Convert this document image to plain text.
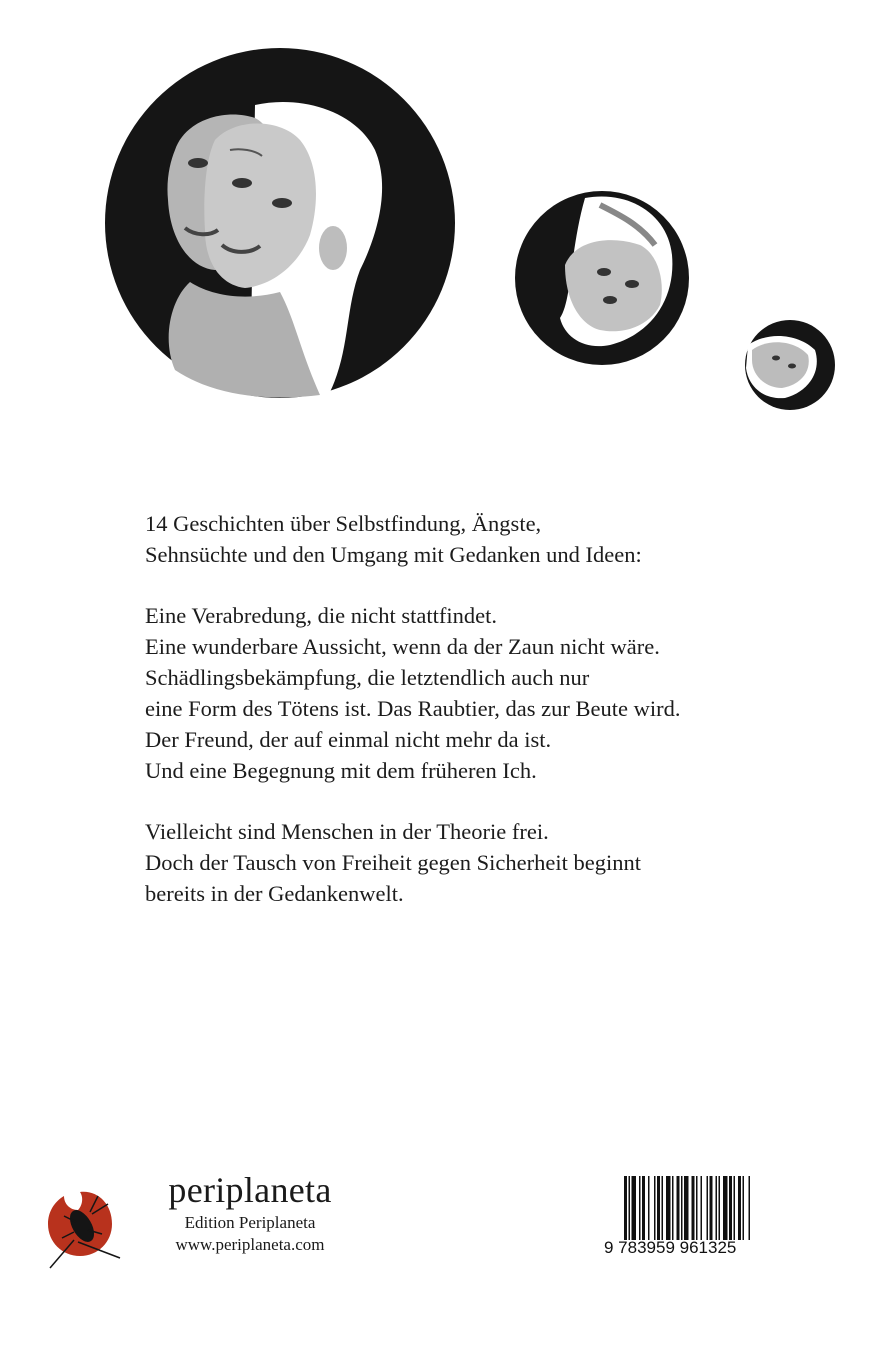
14 Geschichten über Selbstfindung, Ängste,
Sehnsüchte und den Umgang mit Gedanken und Ideen:

Eine Verabredung, die nicht stattfindet.
Eine wunderbare Aussicht, wenn da der Zaun nicht wäre.
Schädlingsbekämpfung, die letztendlich auch nur
eine Form des Tötens ist. Das Raubtier, das zur Beute wird.
Der Freund, der auf einmal nicht mehr da ist.
Und eine Begegnung mit dem früheren Ich.

Vielleicht sind Menschen in der Theorie frei.
Doch der Tausch von Freiheit gegen Sicherheit beginnt
bereits in der Gedankenwelt.

periplaneta
Edition Periplaneta
www.periplaneta.com	9 783959 961325
